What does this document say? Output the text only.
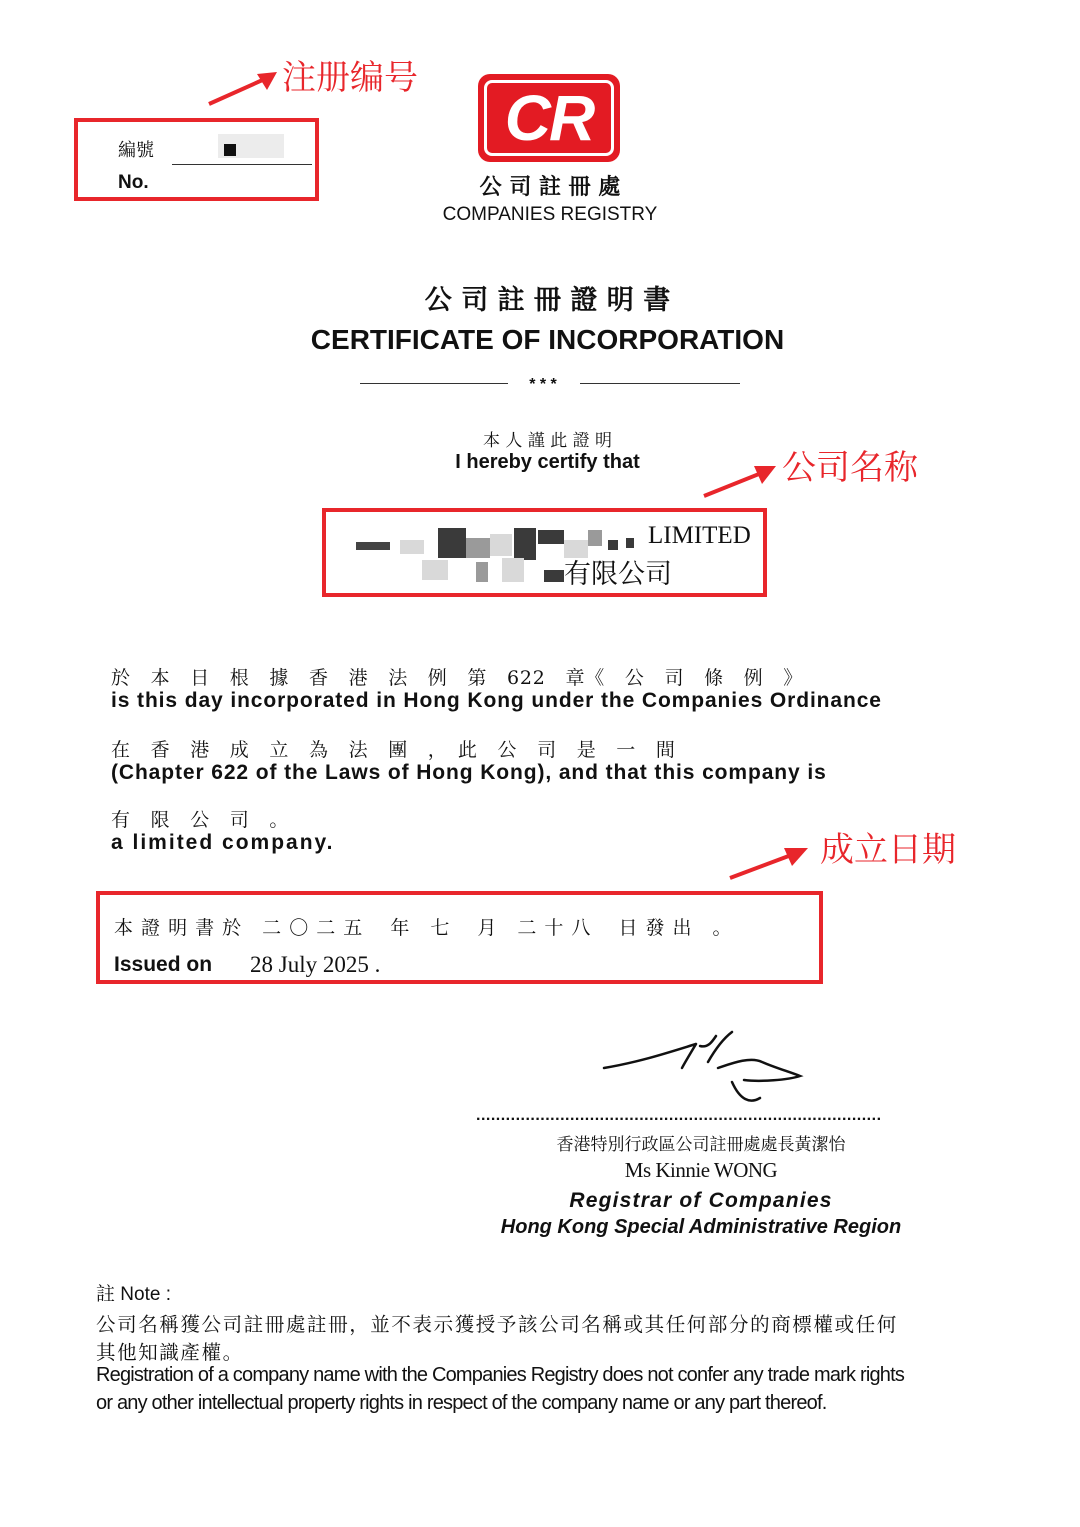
注册编号
編號
No.
CR
公 司 註 冊 處
COMPANIES REGISTRY
公 司 註 冊 證 明 書
CERTIFICATE OF INCORPORATION
* * *
本 人 謹 此 證 明
I hereby certify that	公司名称
LIMITED
有限公司
於　本　日　根　據　香　港　法　例　第　622　章《　公　司　條　例　》
is this day incorporated in Hong Kong under the Companies Ordinance
在　香　港　成　立　為　法　團　，　此　公　司　是　一　間
(Chapter 622 of the Laws of Hong Kong), and that this company is
有　限　公　司　。
a limited company.	成立日期
本 證 明 書 於　二 〇 二 五　 年　七　 月　二 十 八　 日 發 出　。
Issued on 28 July 2025 .
..................................................................................
香港特別行政區公司註冊處處長黃潔怡
Ms Kinnie WONG
Registrar of Companies
Hong Kong Special Administrative Region
註 Note :
公司名稱獲公司註冊處註冊，並不表示獲授予該公司名稱或其任何部分的商標權或任何
其他知識產權。
Registration of a company name with the Companies Registry does not confer any trade mark rights
or any other intellectual property rights in respect of the company name or any part thereof.
